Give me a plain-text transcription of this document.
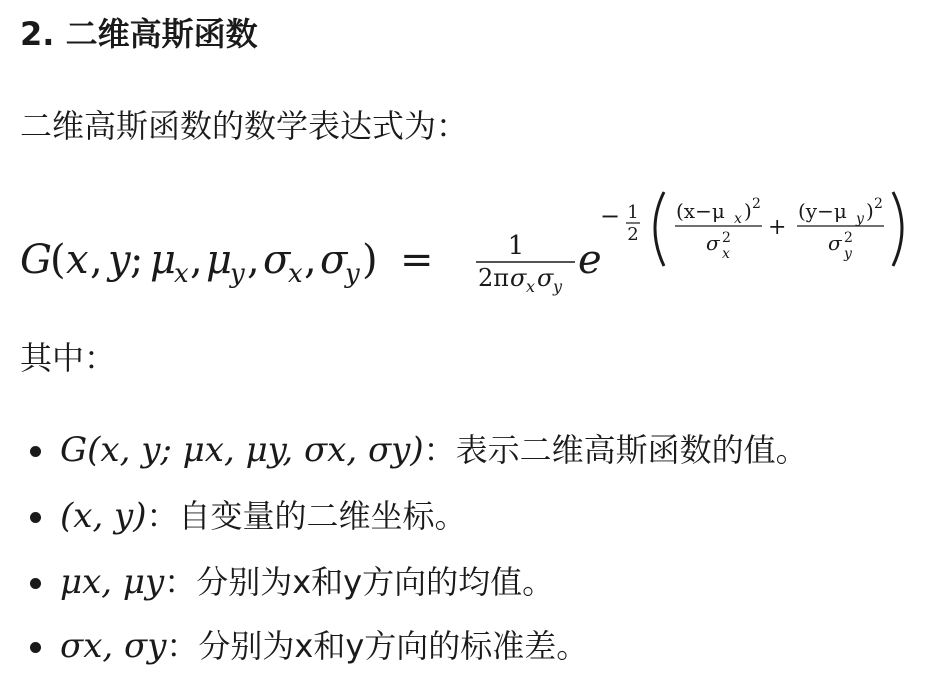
2. 二维高斯函数
二维高斯函数的数学表达式为：
G
( x , y ; μ
x , μ
y , σ
x , σ
y ) =	1
2π σ x σ y
e
− 1
2
(x−μ x ) 2
σ 2
x
+
(y−μ y ) 2
σ 2
y
其中：
G(x, y; μx, μy, σx, σy) ：表示二维高斯函数的值。
(x, y) ：自变量的二维坐标。
μx, μy ：分别为x和y方向的均值。
σx, σy ：分别为x和y方向的标准差。
